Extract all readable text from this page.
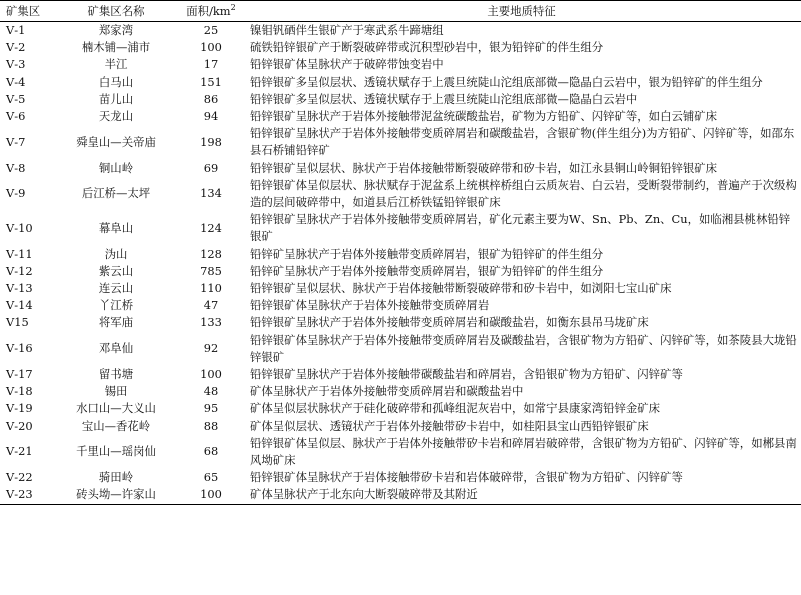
矿集区	矿集区名称	面积$/km^2$	主要地质特征
Ⅴ-1	郑家湾	25	镍钼钒硒伴生银矿产于寒武系牛蹄塘组
Ⅴ-2	楠木铺—浦市	100	硫铁铅锌银矿产于断裂破碎带或沉积型砂岩中，银为铅锌矿的伴生组分
Ⅴ-3	半江	17	铅锌银矿体呈脉状产于破碎带蚀变岩中
Ⅴ-4	白马山	151	铅锌银矿多呈似层状、透镜状赋存于上震旦统陡山沱组底部微—隐晶白云岩中，银为铅锌矿的伴生组分
Ⅴ-5	苗儿山	86	铅锌银矿多呈似层状、透镜状赋存于上震旦统陡山沱组底部微—隐晶白云岩中
Ⅴ-6	天龙山	94	铅锌银矿呈脉状产于岩体外接触带泥盆统碳酸盐岩，矿物为方铅矿、闪锌矿等，如白云铺矿床
Ⅴ-7	舜皇山—关帝庙	198	铅锌银矿呈脉状产于岩体外接触带变质碎屑岩和碳酸盐岩，含银矿物(伴生组分)为方铅矿、闪锌矿等，如邵东县石桥铺铅锌矿
Ⅴ-8	铜山岭	69	铅锌银矿呈似层状、脉状产于岩体接触带断裂破碎带和矽卡岩，如江永县铜山岭铜铅锌银矿床
Ⅴ-9	后江桥—太坪	134	铅锌银矿体呈似层状、脉状赋存于泥盆系上统棋梓桥组白云质灰岩、白云岩，受断裂带制约，普遍产于次级构造的层间破碎带中，如道县后江桥铁锰铅锌银矿床
Ⅴ-10	幕阜山	124	铅锌银矿呈脉状产于岩体外接触带变质碎屑岩，矿化元素主要为W、Sn、Pb、Zn、Cu，如临湘县桃林铅锌银矿
Ⅴ-11	沩山	128	铅锌矿呈脉状产于岩体外接触带变质碎屑岩，银矿为铅锌矿的伴生组分
Ⅴ-12	紫云山	785	铅锌矿呈脉状产于岩体外接触带变质碎屑岩，银矿为铅锌矿的伴生组分
Ⅴ-13	连云山	110	铅锌银矿呈似层状、脉状产于岩体接触带断裂破碎带和矽卡岩中，如浏阳七宝山矿床
Ⅴ-14	丫江桥	47	铅锌银矿体呈脉状产于岩体外接触带变质碎屑岩
Ⅴ15	将军庙	133	铅锌银矿呈脉状产于岩体外接触带变质碎屑岩和碳酸盐岩，如衡东县吊马垅矿床
Ⅴ-16	邓阜仙	92	铅锌银矿体呈脉状产于岩体外接触带变质碎屑岩及碳酸盐岩，含银矿物为方铅矿、闪锌矿等，如茶陵县大垅铅锌银矿
Ⅴ-17	留书塘	100	铅锌银矿呈脉状产于岩体外接触带碳酸盐岩和碎屑岩，含铅银矿物为方铅矿、闪锌矿等
Ⅴ-18	锡田	48	矿体呈脉状产于岩体外接触带变质碎屑岩和碳酸盐岩中
Ⅴ-19	水口山—大义山	95	矿体呈似层状脉状产于硅化破碎带和孤峰组泥灰岩中，如常宁县康家湾铅锌金矿床
Ⅴ-20	宝山—香花岭	88	矿体呈似层状、透镜状产于岩体外接触带矽卡岩中，如桂阳县宝山西铅锌银矿床
Ⅴ-21	千里山—瑶岗仙	68	铅锌银矿体呈似层、脉状产于岩体外接触带矽卡岩和碎屑岩破碎带，含银矿物为方铅矿、闪锌矿等，如郴县南风坳矿床
Ⅴ-22	骑田岭	65	铅锌银矿体呈脉状产于岩体接触带矽卡岩和岩体破碎带，含银矿物为方铅矿、闪锌矿等
Ⅴ-23	砖头坳—许家山	100	矿体呈脉状产于北东向大断裂破碎带及其附近
